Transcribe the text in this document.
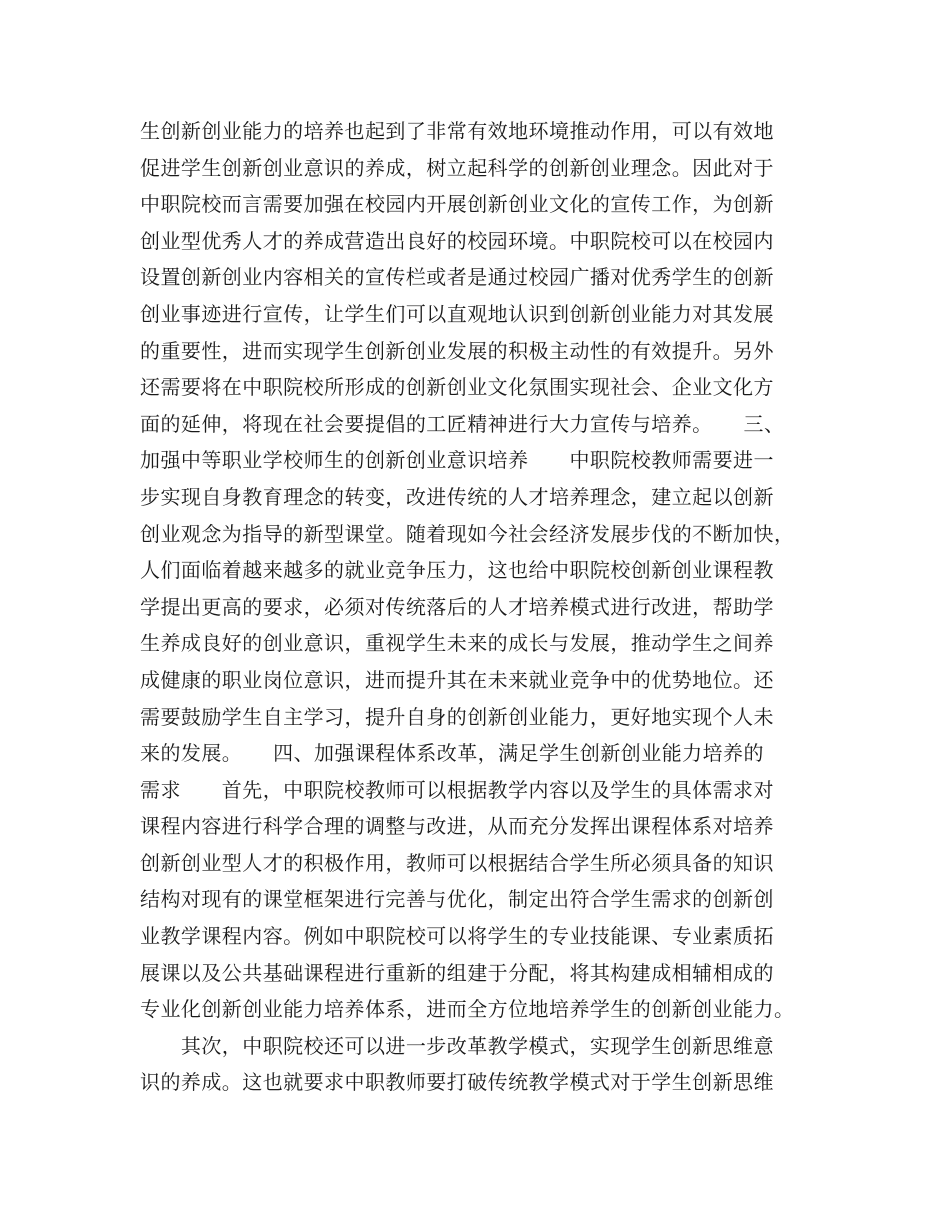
生创新创业能力的培养也起到了非常有效地环境推动作用，可以有效地
促进学生创新创业意识的养成，树立起科学的创新创业理念。因此对于
中职院校而言需要加强在校园内开展创新创业文化的宣传工作，为创新
创业型优秀人才的养成营造出良好的校园环境。中职院校可以在校园内
设置创新创业内容相关的宣传栏或者是通过校园广播对优秀学生的创新
创业事迹进行宣传，让学生们可以直观地认识到创新创业能力对其发展
的重要性，进而实现学生创新创业发展的积极主动性的有效提升。另外
还需要将在中职院校所形成的创新创业文化氛围实现社会、企业文化方
面的延伸，将现在社会要提倡的工匠精神进行大力宣传与培养。　　三、
加强中等职业学校师生的创新创业意识培养　　中职院校教师需要进一
步实现自身教育理念的转变，改进传统的人才培养理念，建立起以创新
创业观念为指导的新型课堂。随着现如今社会经济发展步伐的不断加快，
人们面临着越来越多的就业竞争压力，这也给中职院校创新创业课程教
学提出更高的要求，必须对传统落后的人才培养模式进行改进，帮助学
生养成良好的创业意识，重视学生未来的成长与发展，推动学生之间养
成健康的职业岗位意识，进而提升其在未来就业竞争中的优势地位。还
需要鼓励学生自主学习，提升自身的创新创业能力，更好地实现个人未
来的发展。　　四、加强课程体系改革，满足学生创新创业能力培养的
需求　　首先，中职院校教师可以根据教学内容以及学生的具体需求对
课程内容进行科学合理的调整与改进，从而充分发挥出课程体系对培养
创新创业型人才的积极作用，教师可以根据结合学生所必须具备的知识
结构对现有的课堂框架进行完善与优化，制定出符合学生需求的创新创
业教学课程内容。例如中职院校可以将学生的专业技能课、专业素质拓
展课以及公共基础课程进行重新的组建于分配，将其构建成相辅相成的
专业化创新创业能力培养体系，进而全方位地培养学生的创新创业能力。
　　其次，中职院校还可以进一步改革教学模式，实现学生创新思维意
识的养成。这也就要求中职教师要打破传统教学模式对于学生创新思维
